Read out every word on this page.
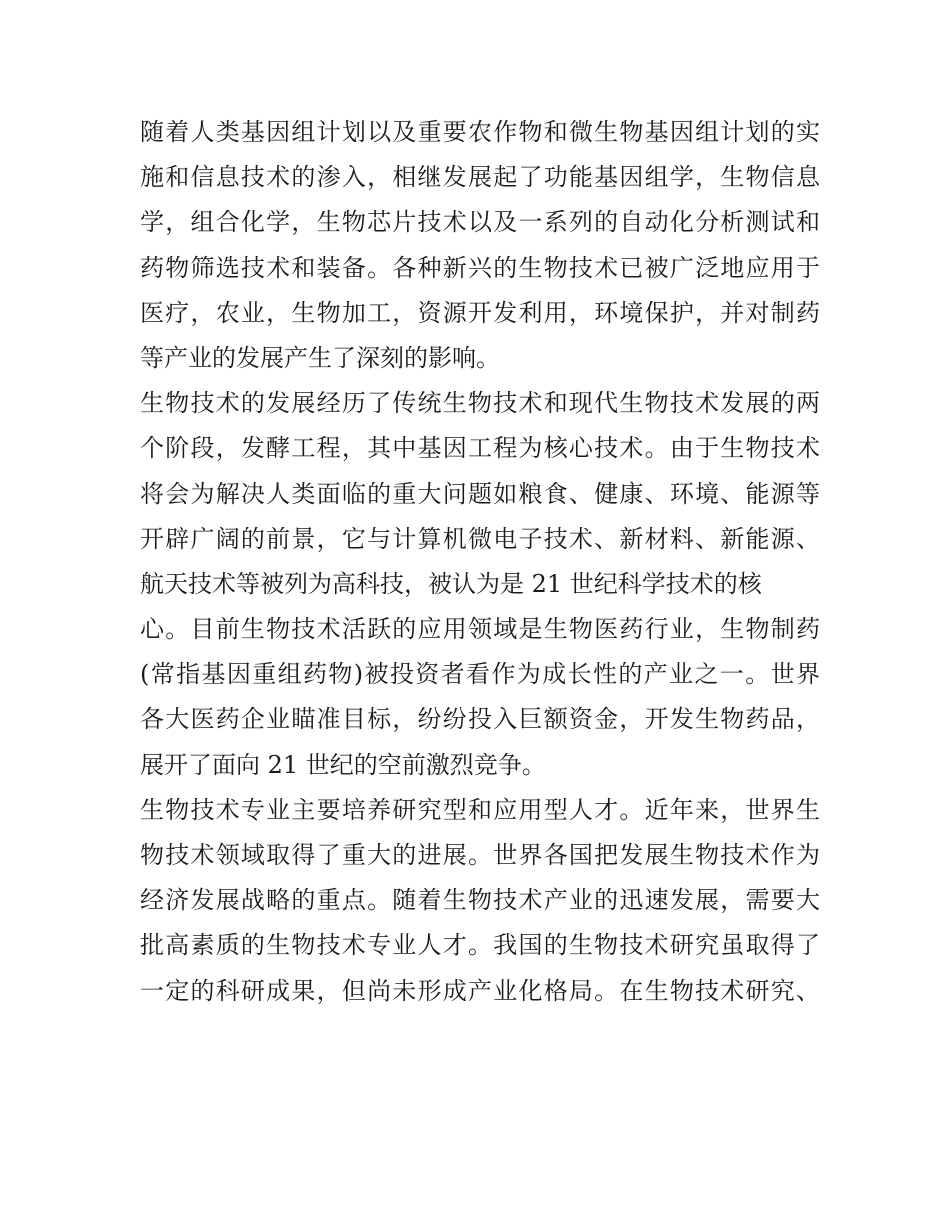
随着人类基因组计划以及重要农作物和微生物基因组计划的实
施和信息技术的渗入，相继发展起了功能基因组学，生物信息
学，组合化学，生物芯片技术以及一系列的自动化分析测试和
药物筛选技术和装备。各种新兴的生物技术已被广泛地应用于
医疗，农业，生物加工，资源开发利用，环境保护，并对制药
等产业的发展产生了深刻的影响。
生物技术的发展经历了传统生物技术和现代生物技术发展的两
个阶段，发酵工程，其中基因工程为核心技术。由于生物技术
将会为解决人类面临的重大问题如粮食、健康、环境、能源等
开辟广阔的前景，它与计算机微电子技术、新材料、新能源、
航天技术等被列为高科技，被认为是 21 世纪科学技术的核
心。目前生物技术活跃的应用领域是生物医药行业，生物制药
(常指基因重组药物)被投资者看作为成长性的产业之一。世界
各大医药企业瞄准目标，纷纷投入巨额资金，开发生物药品，
展开了面向 21 世纪的空前激烈竞争。
生物技术专业主要培养研究型和应用型人才。近年来，世界生
物技术领域取得了重大的进展。世界各国把发展生物技术作为
经济发展战略的重点。随着生物技术产业的迅速发展，需要大
批高素质的生物技术专业人才。我国的生物技术研究虽取得了
一定的科研成果，但尚未形成产业化格局。在生物技术研究、
